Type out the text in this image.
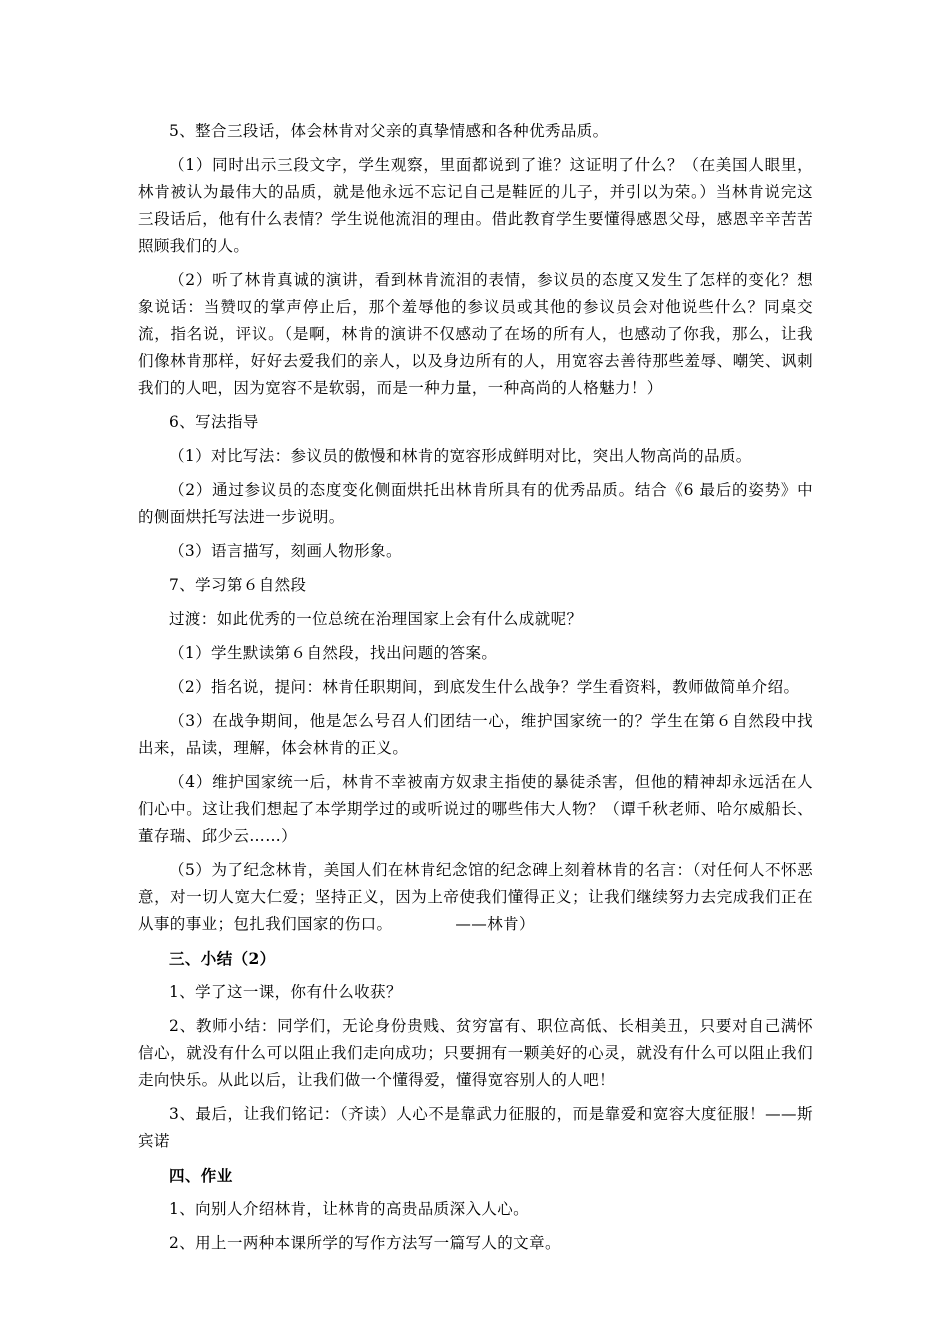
5、整合三段话，体会林肯对父亲的真挚情感和各种优秀品质。

（1）同时出示三段文字，学生观察，里面都说到了谁？这证明了什么？（在美国人眼里，林肯被认为最伟大的品质，就是他永远不忘记自己是鞋匠的儿子，并引以为荣。）当林肯说完这三段话后，他有什么表情？学生说他流泪的理由。借此教育学生要懂得感恩父母，感恩辛辛苦苦照顾我们的人。

（2）听了林肯真诚的演讲，看到林肯流泪的表情，参议员的态度又发生了怎样的变化？想象说话：当赞叹的掌声停止后，那个羞辱他的参议员或其他的参议员会对他说些什么？同桌交流，指名说，评议。（是啊，林肯的演讲不仅感动了在场的所有人，也感动了你我，那么，让我们像林肯那样，好好去爱我们的亲人，以及身边所有的人，用宽容去善待那些羞辱、嘲笑、讽刺我们的人吧，因为宽容不是软弱，而是一种力量，一种高尚的人格魅力！）

6、写法指导

（1）对比写法：参议员的傲慢和林肯的宽容形成鲜明对比，突出人物高尚的品质。

（2）通过参议员的态度变化侧面烘托出林肯所具有的优秀品质。结合《6 最后的姿势》中的侧面烘托写法进一步说明。

（3）语言描写，刻画人物形象。

7、学习第６自然段

过渡：如此优秀的一位总统在治理国家上会有什么成就呢？

（1）学生默读第６自然段，找出问题的答案。

（2）指名说，提问：林肯任职期间，到底发生什么战争？学生看资料，教师做简单介绍。

（3）在战争期间，他是怎么号召人们团结一心，维护国家统一的？学生在第６自然段中找出来，品读，理解，体会林肯的正义。

（4）维护国家统一后，林肯不幸被南方奴隶主指使的暴徒杀害，但他的精神却永远活在人们心中。这让我们想起了本学期学过的或听说过的哪些伟大人物？（谭千秋老师、哈尔威船长、董存瑞、邱少云……）

（5）为了纪念林肯，美国人们在林肯纪念馆的纪念碑上刻着林肯的名言：（对任何人不怀恶意，对一切人宽大仁爱；坚持正义，因为上帝使我们懂得正义；让我们继续努力去完成我们正在从事的事业；包扎我们国家的伤口。	——林肯）

三、小结（2）

1、学了这一课，你有什么收获？

2、教师小结：同学们，无论身份贵贱、贫穷富有、职位高低、长相美丑，只要对自己满怀信心，就没有什么可以阻止我们走向成功；只要拥有一颗美好的心灵，就没有什么可以阻止我们走向快乐。从此以后，让我们做一个懂得爱，懂得宽容别人的人吧！

3、最后，让我们铭记：（齐读）人心不是靠武力征服的，而是靠爱和宽容大度征服！——斯宾诺

四、作业

1、向别人介绍林肯，让林肯的高贵品质深入人心。

2、用上一两种本课所学的写作方法写一篇写人的文章。
